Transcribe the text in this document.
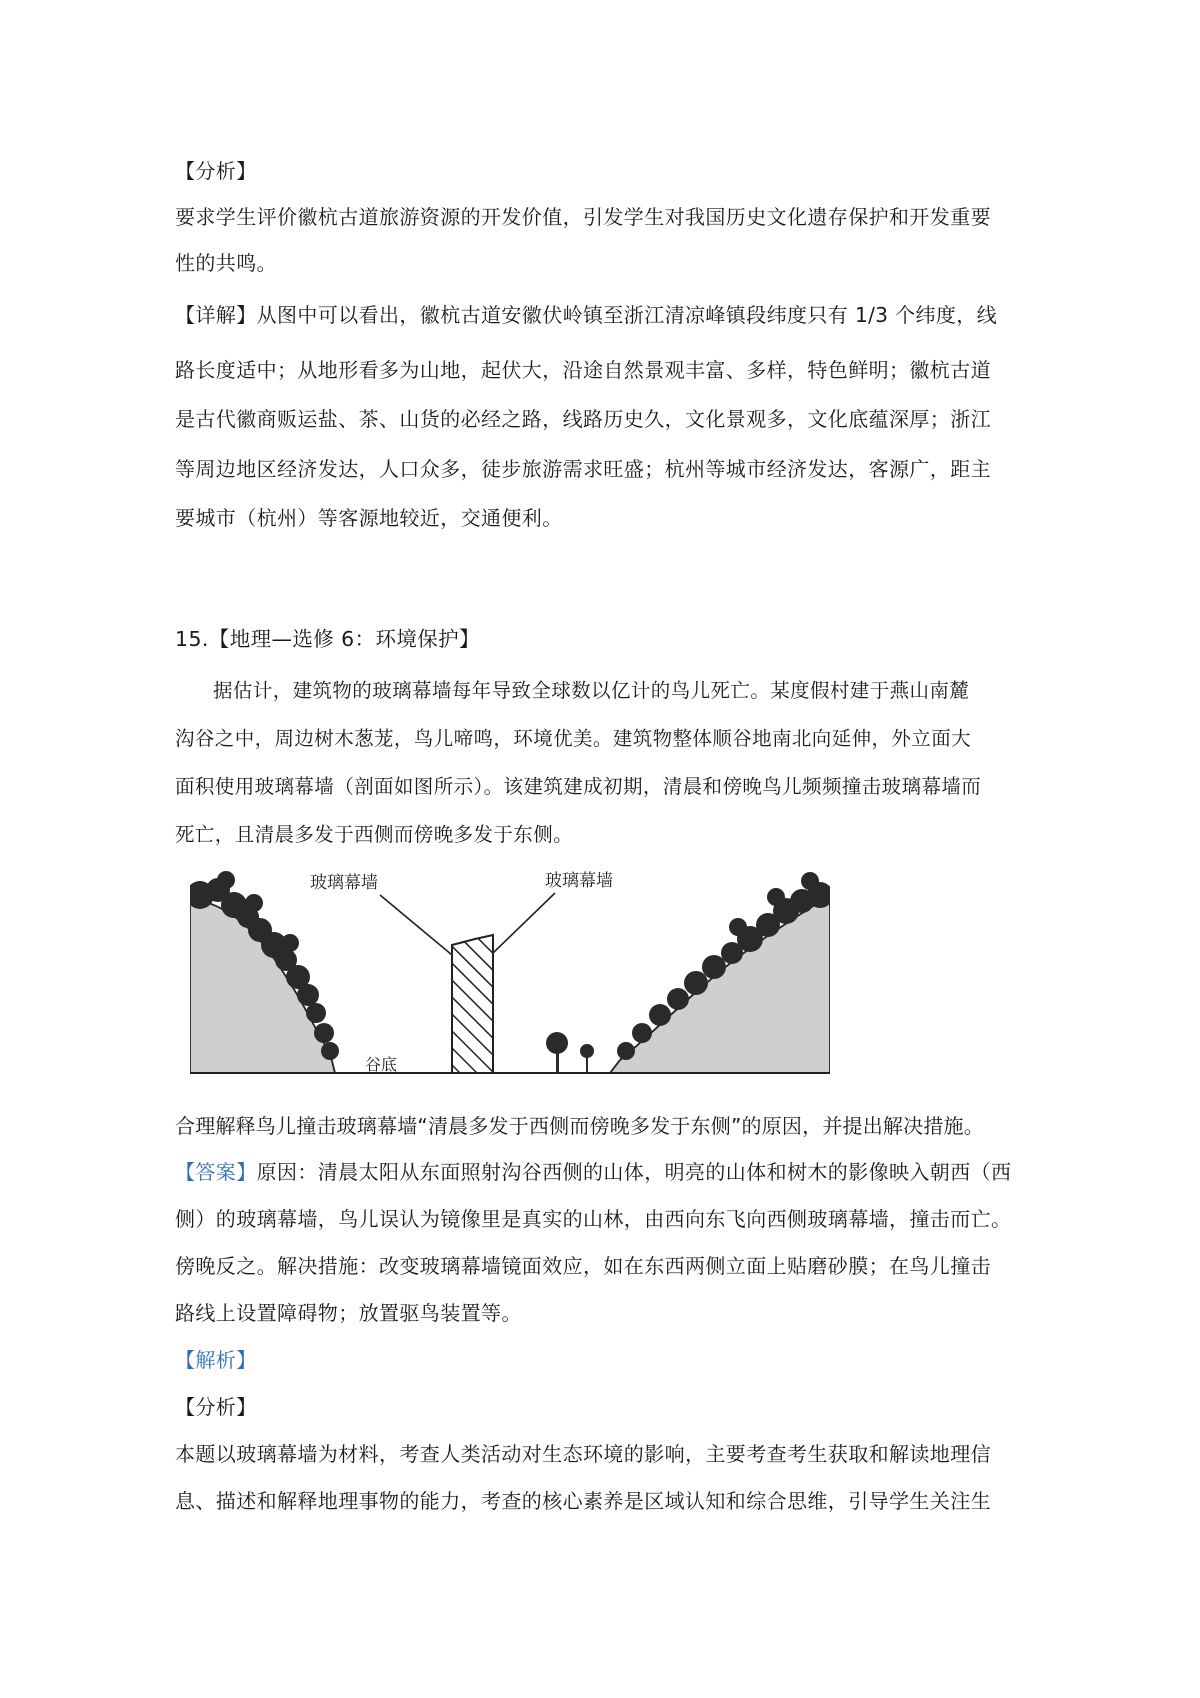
【分析】
要求学生评价徽杭古道旅游资源的开发价值，引发学生对我国历史文化遗存保护和开发重要
性的共鸣。
【详解】从图中可以看出，徽杭古道安徽伏岭镇至浙江清凉峰镇段纬度只有 1/3 个纬度，线
路长度适中；从地形看多为山地，起伏大，沿途自然景观丰富、多样，特色鲜明；徽杭古道
是古代徽商贩运盐、茶、山货的必经之路，线路历史久，文化景观多，文化底蕴深厚；浙江
等周边地区经济发达，人口众多，徒步旅游需求旺盛；杭州等城市经济发达，客源广，距主
要城市（杭州）等客源地较近，交通便利。
15.【地理—选修 6：环境保护】
据估计，建筑物的玻璃幕墙每年导致全球数以亿计的鸟儿死亡。某度假村建于燕山南麓
沟谷之中，周边树木葱茏，鸟儿啼鸣，环境优美。建筑物整体顺谷地南北向延伸，外立面大
面积使用玻璃幕墙（剖面如图所示）。该建筑建成初期，清晨和傍晚鸟儿频频撞击玻璃幕墙而
死亡，且清晨多发于西侧而傍晚多发于东侧。
玻璃幕墙	玻璃幕墙
谷底
合理解释鸟儿撞击玻璃幕墙“清晨多发于西侧而傍晚多发于东侧”的原因，并提出解决措施。
【答案】原因：清晨太阳从东面照射沟谷西侧的山体，明亮的山体和树木的影像映入朝西（西
侧）的玻璃幕墙，鸟儿误认为镜像里是真实的山林，由西向东飞向西侧玻璃幕墙，撞击而亡。
傍晚反之。解决措施：改变玻璃幕墙镜面效应，如在东西两侧立面上贴磨砂膜；在鸟儿撞击
路线上设置障碍物；放置驱鸟装置等。
【解析】
【分析】
本题以玻璃幕墙为材料，考查人类活动对生态环境的影响，主要考查考生获取和解读地理信
息、描述和解释地理事物的能力，考查的核心素养是区域认知和综合思维，引导学生关注生
